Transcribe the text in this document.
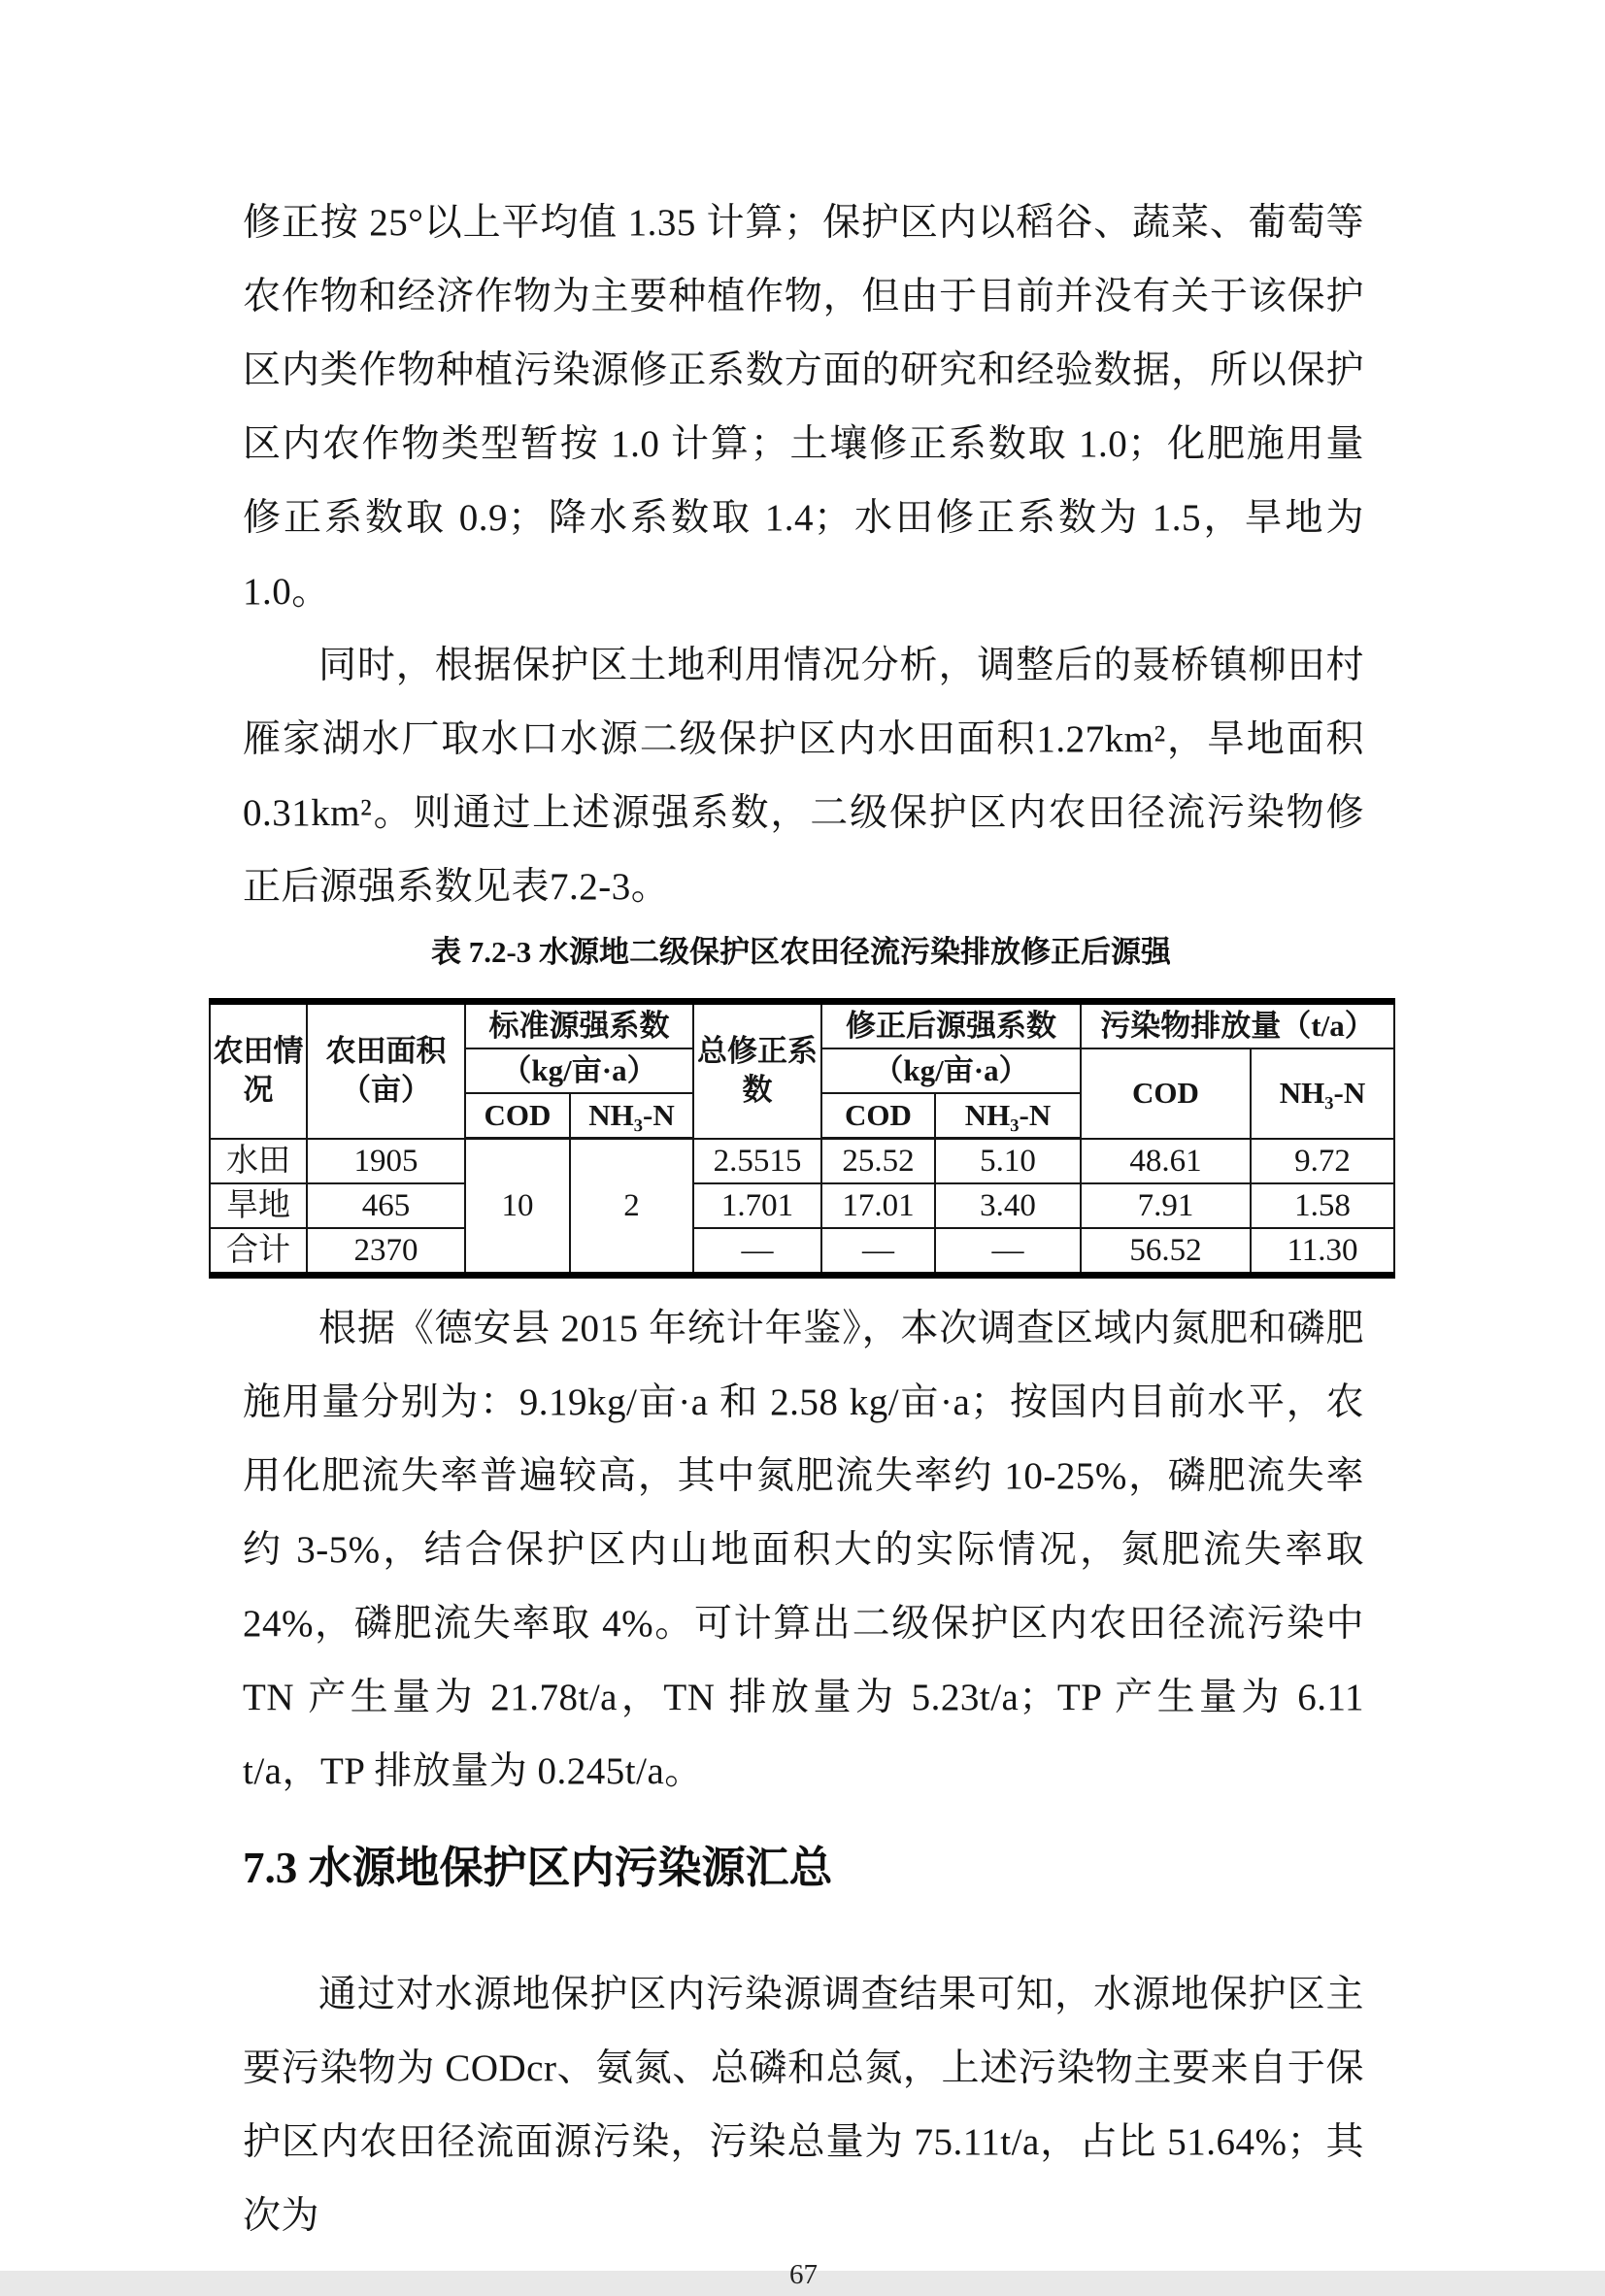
修正按 25°以上平均值 1.35 计算；保护区内以稻谷、蔬菜、葡萄等农作物和经济作物为主要种植作物，但由于目前并没有关于该保护区内类作物种植污染源修正系数方面的研究和经验数据，所以保护区内农作物类型暂按 1.0 计算；土壤修正系数取 1.0；化肥施用量修正系数取 0.9；降水系数取 1.4；水田修正系数为 1.5，旱地为 1.0。

同时，根据保护区土地利用情况分析，调整后的聂桥镇柳田村雁家湖水厂取水口水源二级保护区内水田面积1.27km²，旱地面积0.31km²。则通过上述源强系数，二级保护区内农田径流污染物修正后源强系数见表7.2-3。

表 7.2-3 水源地二级保护区农田径流污染排放修正后源强
农田情况	农田面积（亩）	标准源强系数		总修正系数	修正后源强系数		污染物排放量（t/a）	
		（kg/亩·a）			（kg/亩·a）		COD	NH₃-N
		COD	NH₃-N		COD	NH₃-N		
水田	1905	10	2	2.5515	25.52	5.10	48.61	9.72
旱地	465			1.701	17.01	3.40	7.91	1.58
合计	2370			—	—	—	56.52	11.30

根据《德安县 2015 年统计年鉴》，本次调查区域内氮肥和磷肥施用量分别为：9.19kg/亩·a 和 2.58 kg/亩·a；按国内目前水平，农用化肥流失率普遍较高，其中氮肥流失率约 10-25%，磷肥流失率约 3-5%，结合保护区内山地面积大的实际情况，氮肥流失率取 24%，磷肥流失率取 4%。可计算出二级保护区内农田径流污染中 TN 产生量为 21.78t/a，TN 排放量为 5.23t/a；TP 产生量为 6.11 t/a，TP 排放量为 0.245t/a。

7.3 水源地保护区内污染源汇总

通过对水源地保护区内污染源调查结果可知，水源地保护区主要污染物为 CODcr、氨氮、总磷和总氮，上述污染物主要来自于保护区内农田径流面源污染，污染总量为 75.11t/a，占比 51.64%；其次为

67
